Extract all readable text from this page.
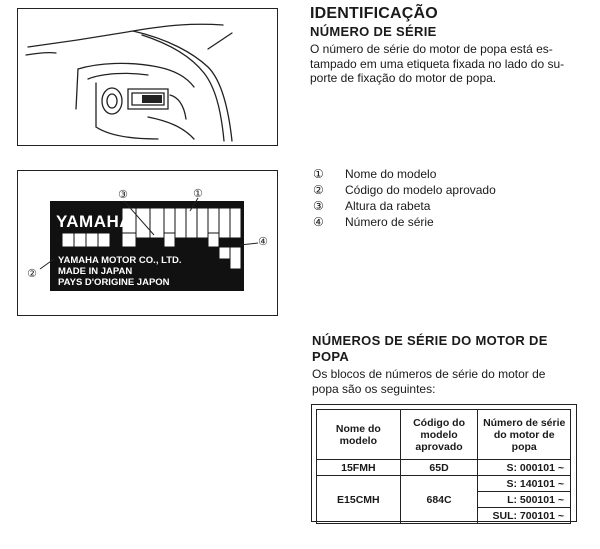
IDENTIFICAÇÃO
NÚMERO DE SÉRIE
O número de série do motor de popa está es-
tampado em uma etiqueta fixada no lado do su-
porte de fixação do motor de popa.
YAMAHA
YAMAHA MOTOR CO., LTD.
MADE IN JAPAN
PAYS D'ORIGINE JAPON
①
③
④
②
①	Nome do modelo
②	Código do modelo aprovado
③	Altura da rabeta
④	Número de série
NÚMEROS DE SÉRIE DO MOTOR DE
POPA
Os blocos de números de série do motor de
popa são os seguintes:
Nome do modelo	Código do modelo aprovado	Número de série do motor de popa
15FMH	65D	S: 000101 ~
E15CMH	684C	S: 140101 ~
		L: 500101 ~
		SUL: 700101 ~
